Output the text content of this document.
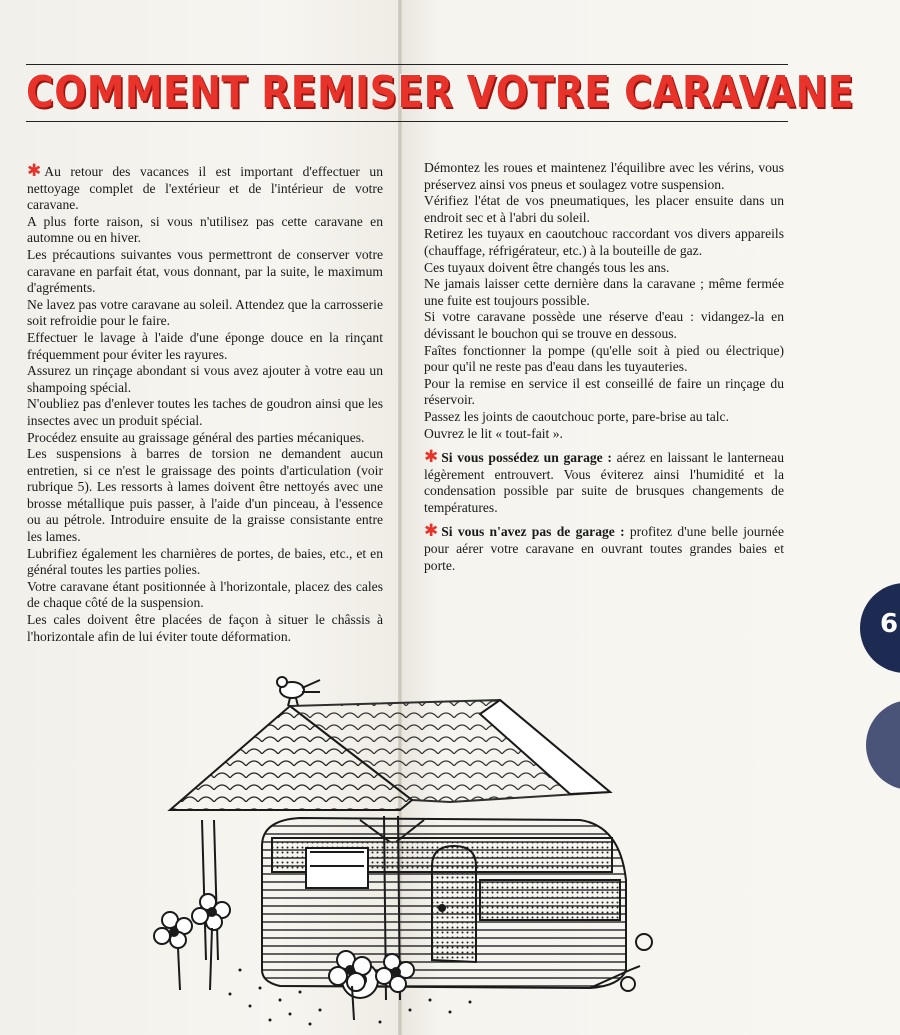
COMMENT REMISER VOTRE CARAVANE

✱ Au retour des vacances il est important d'effectuer un nettoyage complet de l'extérieur et de l'intérieur de votre caravane.

A plus forte raison, si vous n'utilisez pas cette caravane en automne ou en hiver.

Les précautions suivantes vous permettront de conserver votre caravane en parfait état, vous donnant, par la suite, le maximum d'agréments.

Ne lavez pas votre caravane au soleil. Attendez que la carrosserie soit refroidie pour le faire.

Effectuer le lavage à l'aide d'une éponge douce en la rinçant fréquemment pour éviter les rayures.

Assurez un rinçage abondant si vous avez ajouter à votre eau un shampoing spécial.

N'oubliez pas d'enlever toutes les taches de goudron ainsi que les insectes avec un produit spécial.

Procédez ensuite au graissage général des parties mécaniques.

Les suspensions à barres de torsion ne demandent aucun entretien, si ce n'est le graissage des points d'articulation (voir rubrique 5). Les ressorts à lames doivent être nettoyés avec une brosse métallique puis passer, à l'aide d'un pinceau, à l'essence ou au pétrole. Introduire ensuite de la graisse consistante entre les lames.

Lubrifiez également les charnières de portes, de baies, etc., et en général toutes les parties polies.

Votre caravane étant positionnée à l'horizontale, placez des cales de chaque côté de la suspension.

Les cales doivent être placées de façon à situer le châssis à l'horizontale afin de lui éviter toute déformation.

Démontez les roues et maintenez l'équilibre avec les vérins, vous préservez ainsi vos pneus et soulagez votre suspension.

Vérifiez l'état de vos pneumatiques, les placer ensuite dans un endroit sec et à l'abri du soleil.

Retirez les tuyaux en caoutchouc raccordant vos divers appareils (chauffage, réfrigérateur, etc.) à la bouteille de gaz.

Ces tuyaux doivent être changés tous les ans.

Ne jamais laisser cette dernière dans la caravane ; même fermée une fuite est toujours possible.

Si votre caravane possède une réserve d'eau : vidangez-la en dévissant le bouchon qui se trouve en dessous.

Faîtes fonctionner la pompe (qu'elle soit à pied ou électrique) pour qu'il ne reste pas d'eau dans les tuyauteries.

Pour la remise en service il est conseillé de faire un rinçage du réservoir.

Passez les joints de caoutchouc porte, pare-brise au talc.

Ouvrez le lit « tout-fait ».

✱ Si vous possédez un garage : aérez en laissant le lanterneau légèrement entrouvert. Vous éviterez ainsi l'humidité et la condensation possible par suite de brusques changements de températures.

✱ Si vous n'avez pas de garage : profitez d'une belle journée pour aérer votre caravane en ouvrant toutes grandes baies et porte.

6
